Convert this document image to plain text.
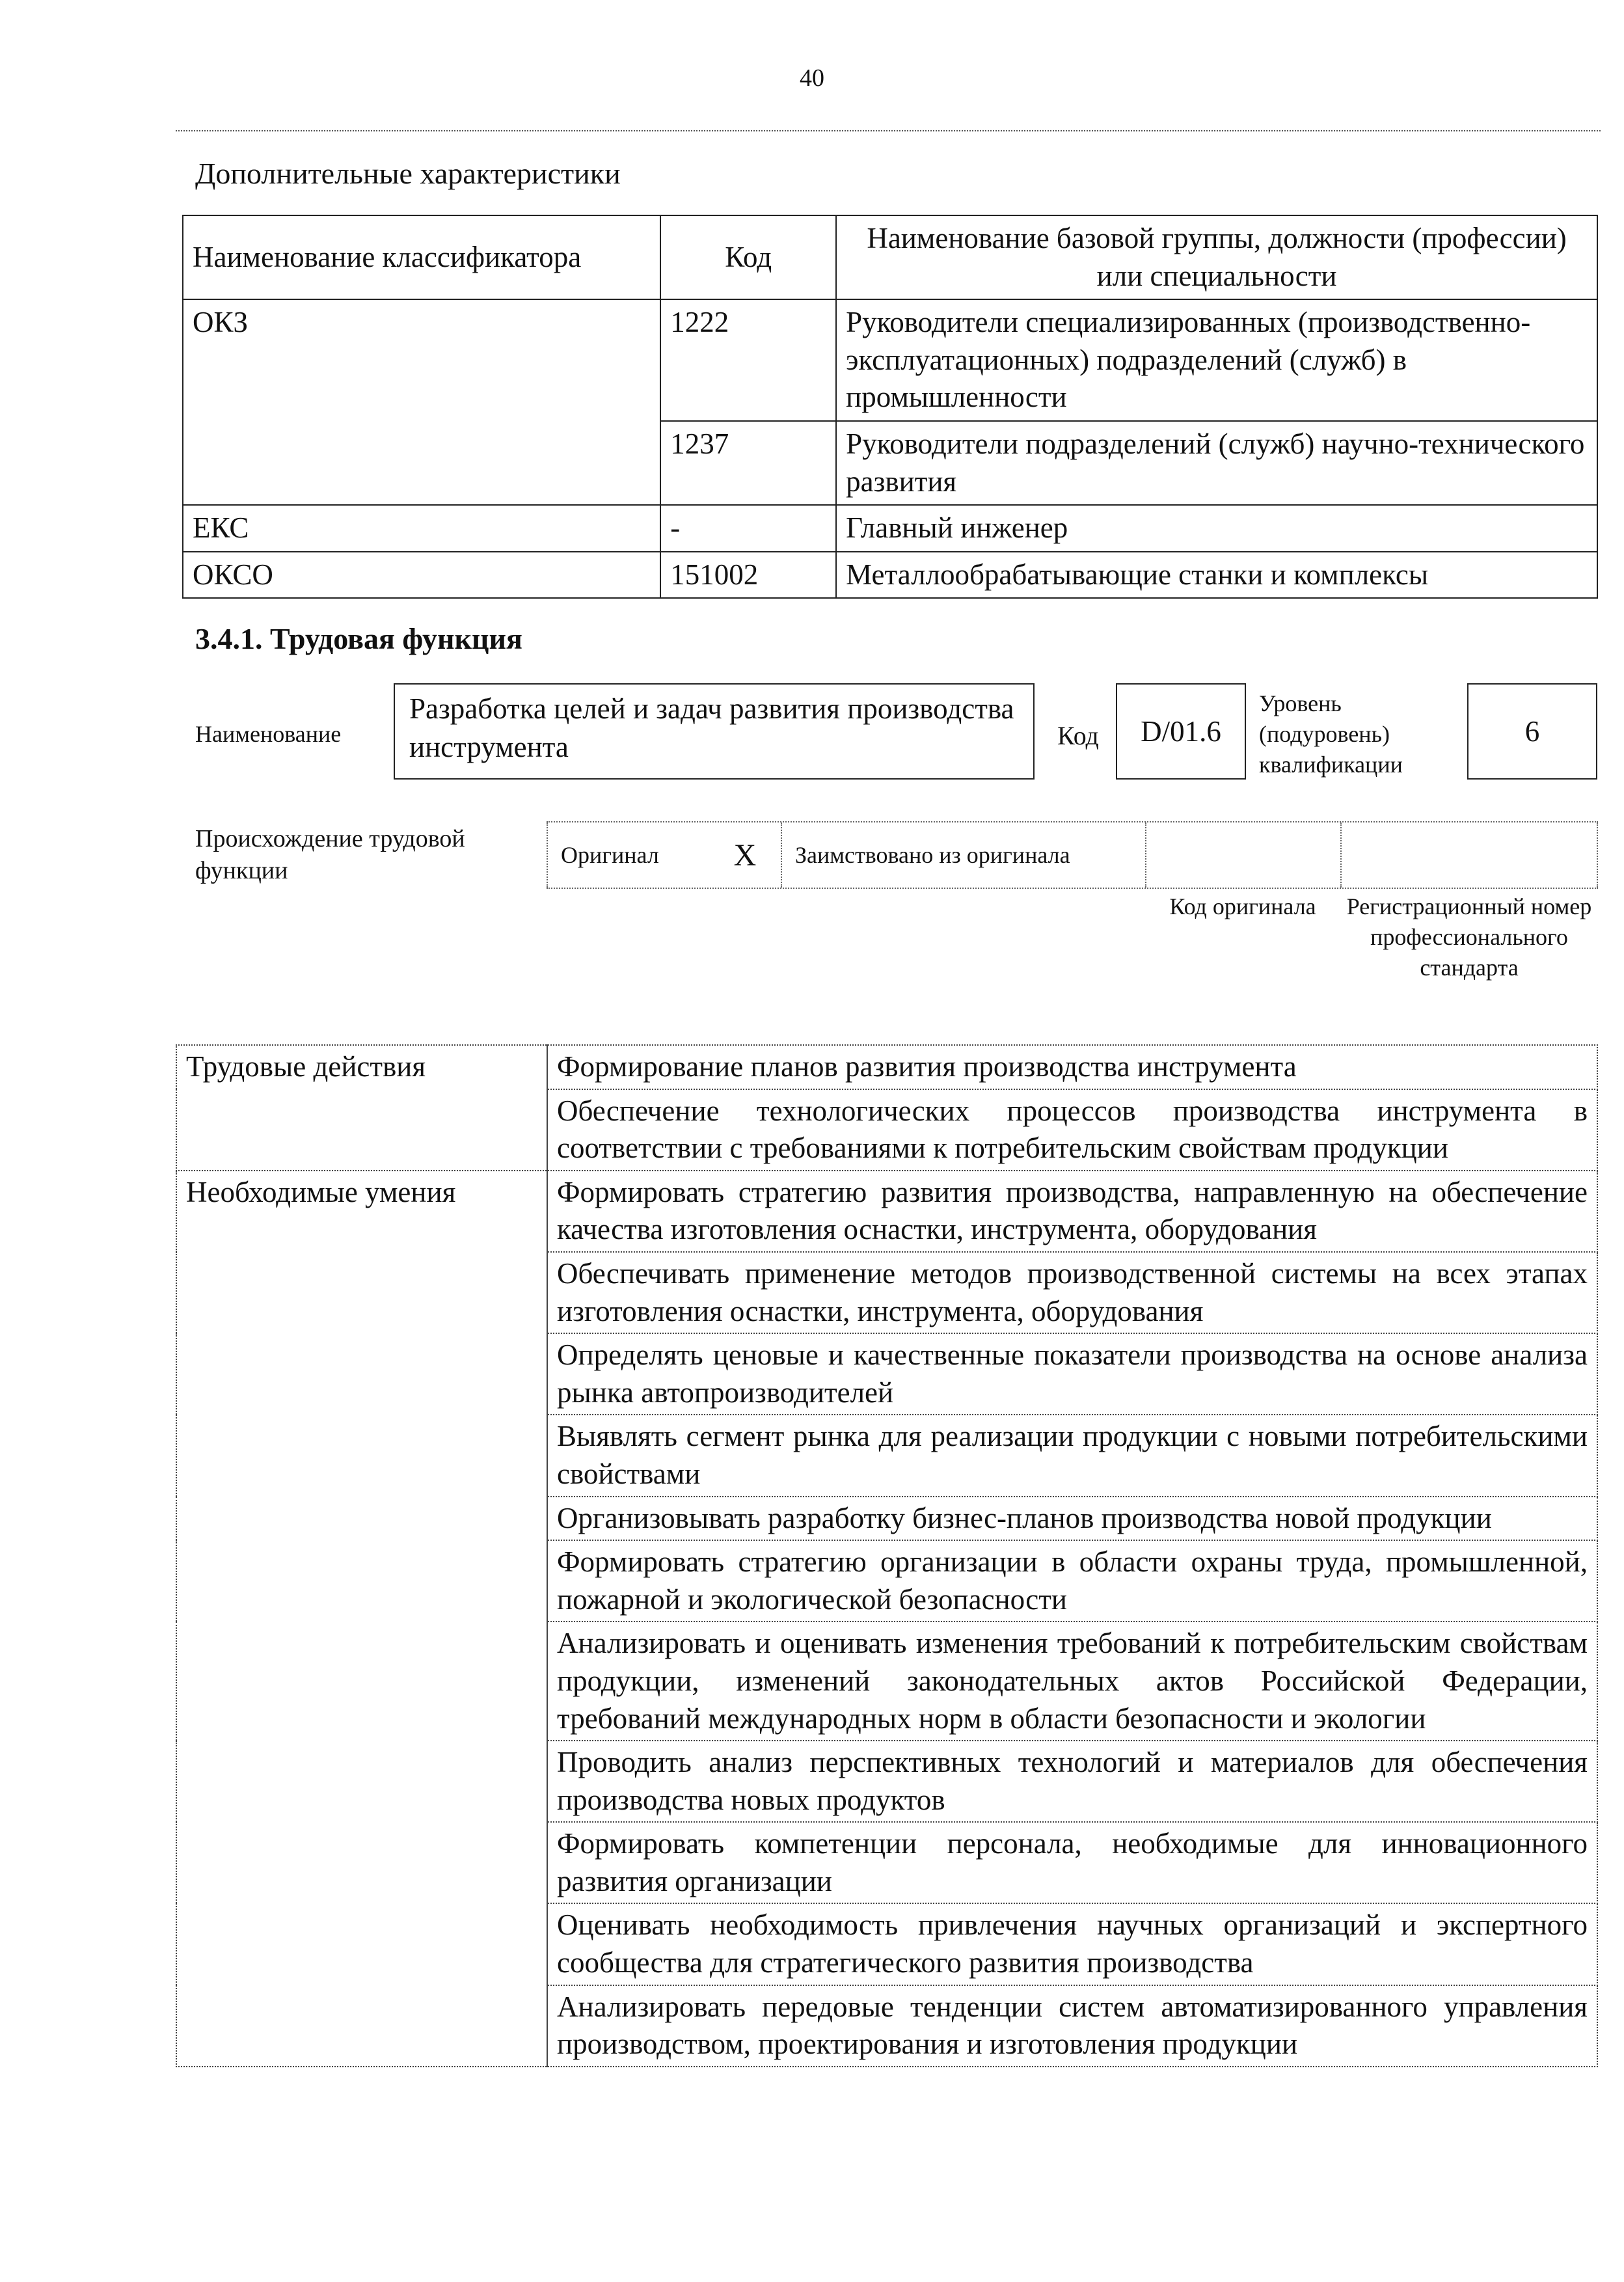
40
Дополнительные характеристики
Наименование классификатора	Код	Наименование базовой группы, должности (профессии) или специальности
ОКЗ	1222	Руководители специализированных (производственно-эксплуатационных) подразделений (служб) в промышленности
	1237	Руководители подразделений (служб) научно-технического развития
ЕКС	-	Главный инженер
ОКСО	151002	Металлообрабатывающие станки и комплексы
3.4.1. Трудовая функция
Наименование
Разработка целей и задач развития производства инструмента	Код	D/01.6
Уровень (подуровень) квалификации
6
Происхождение трудовой функции
Оригинал	X	Заимствовано из оригинала
Код оригинала	Регистрационный номер профессионального стандарта
Трудовые действия	Формирование планов развития производства инструмента
	Обеспечение технологических процессов производства инструмента в соответствии с требованиями к потребительским свойствам продукции
Необходимые умения	Формировать стратегию развития производства, направленную на обеспечение качества изготовления оснастки, инструмента, оборудования
	Обеспечивать применение методов производственной системы на всех этапах изготовления оснастки, инструмента, оборудования
	Определять ценовые и качественные показатели производства на основе анализа рынка автопроизводителей
	Выявлять сегмент рынка для реализации продукции с новыми потребительскими свойствами
	Организовывать разработку бизнес-планов производства новой продукции
	Формировать стратегию организации в области охраны труда, промышленной, пожарной и экологической безопасности
	Анализировать и оценивать изменения требований к потребительским свойствам продукции, изменений законодательных актов Российской Федерации, требований международных норм в области безопасности и экологии
	Проводить анализ перспективных технологий и материалов для обеспечения производства новых продуктов
	Формировать компетенции персонала, необходимые для инновационного развития организации
	Оценивать необходимость привлечения научных организаций и экспертного сообщества для стратегического развития производства
	Анализировать передовые тенденции систем автоматизированного управления производством, проектирования и изготовления продукции
